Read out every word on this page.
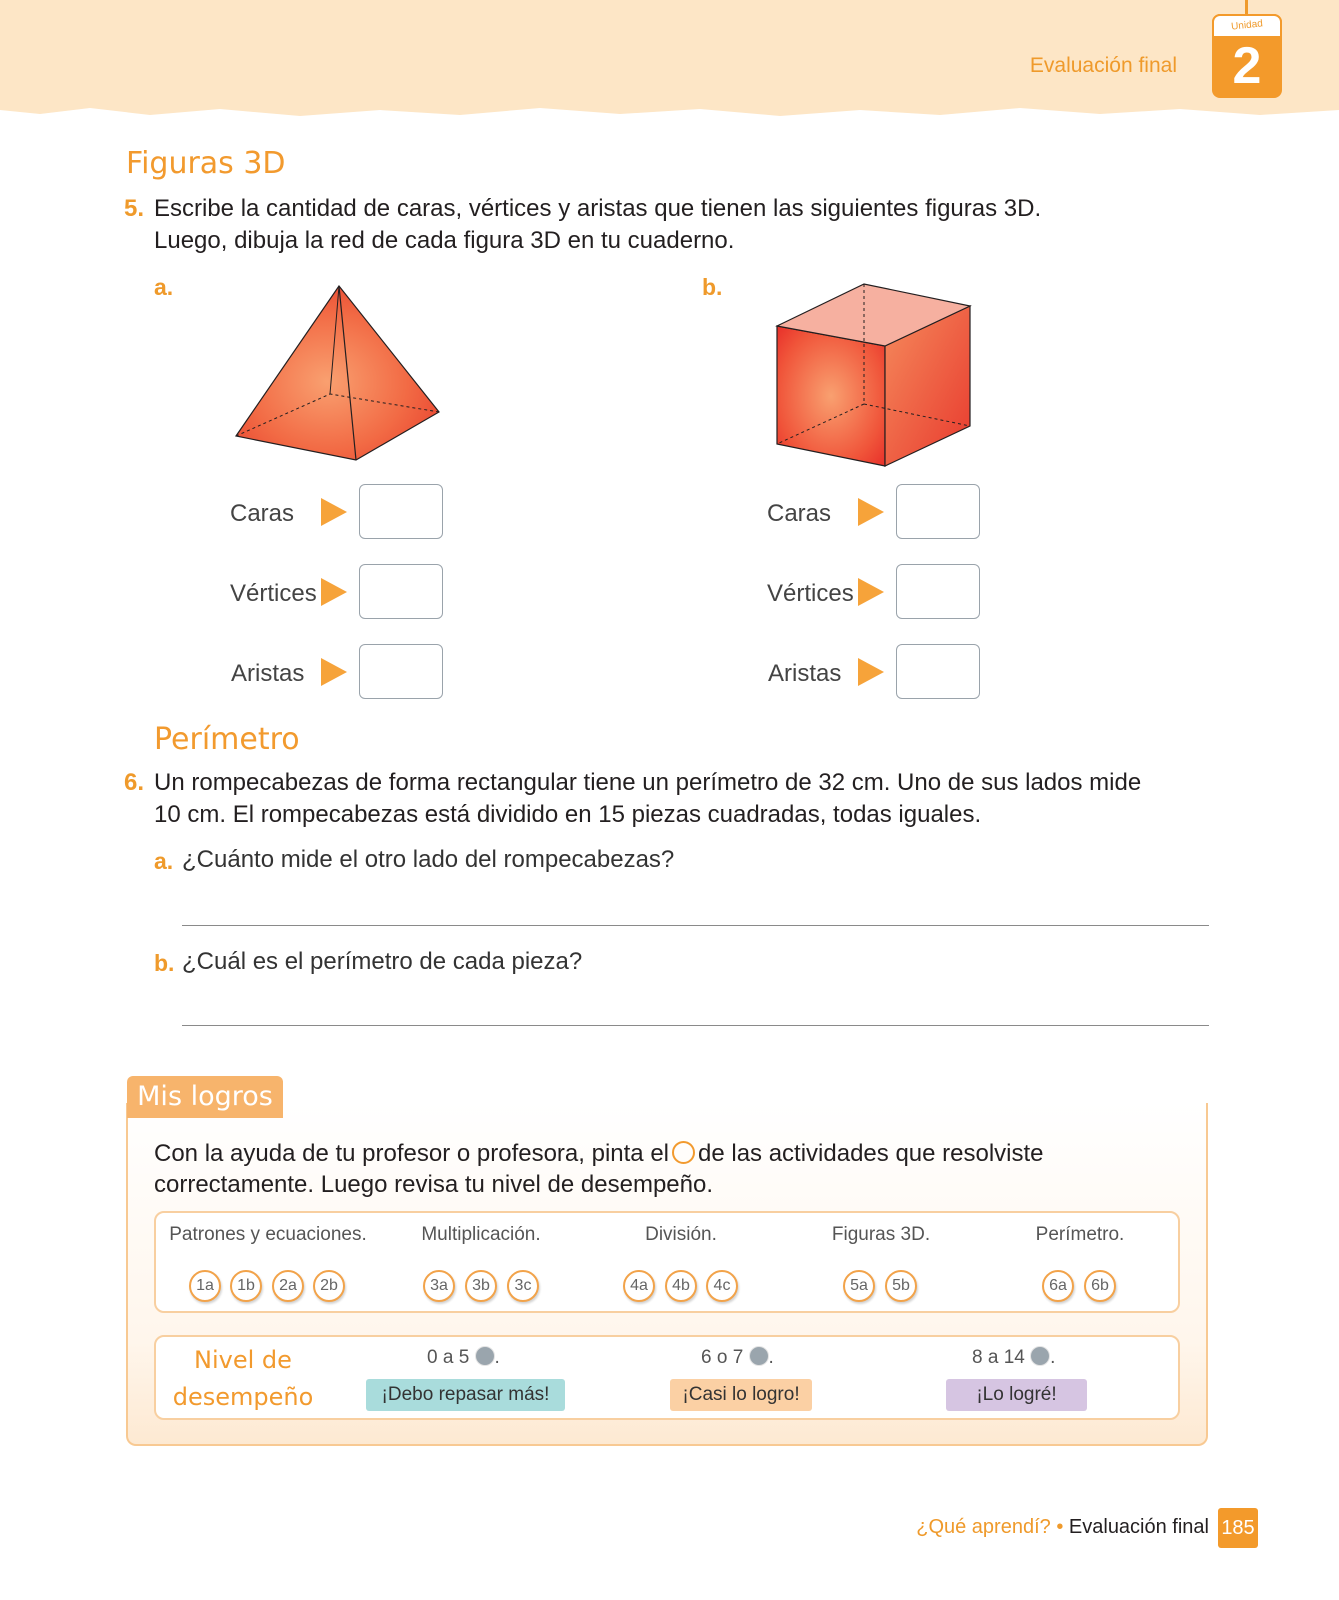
Evaluación final
Unidad
2
Figuras 3D
5. Escribe la cantidad de caras, vértices y aristas que tienen las siguientes figuras 3D.
Luego, dibuja la red de cada figura 3D en tu cuaderno.
a.	b.
Caras
Vértices
Aristas
Caras
Vértices
Aristas
Perímetro
6. Un rompecabezas de forma rectangular tiene un perímetro de 32 cm. Uno de sus lados mide
10 cm. El rompecabezas está dividido en 15 piezas cuadradas, todas iguales.
a. ¿Cuánto mide el otro lado del rompecabezas?
b. ¿Cuál es el perímetro de cada pieza?
Mis logros
Con la ayuda de tu profesor o profesora, pinta el de las actividades que resolviste
correctamente. Luego revisa tu nivel de desempeño.
Patrones y ecuaciones.
1a	1b	2a	2b
Multiplicación.
3a	3b	3c
División.
4a	4b	4c
Figuras 3D.
5a	5b
Perímetro.
6a	6b
Nivel de
desempeño
0 a 5 .
¡Debo repasar más!
6 o 7 .
¡Casi lo logro!
8 a 14 .
¡Lo logré!
¿Qué aprendí? • Evaluación final 185
